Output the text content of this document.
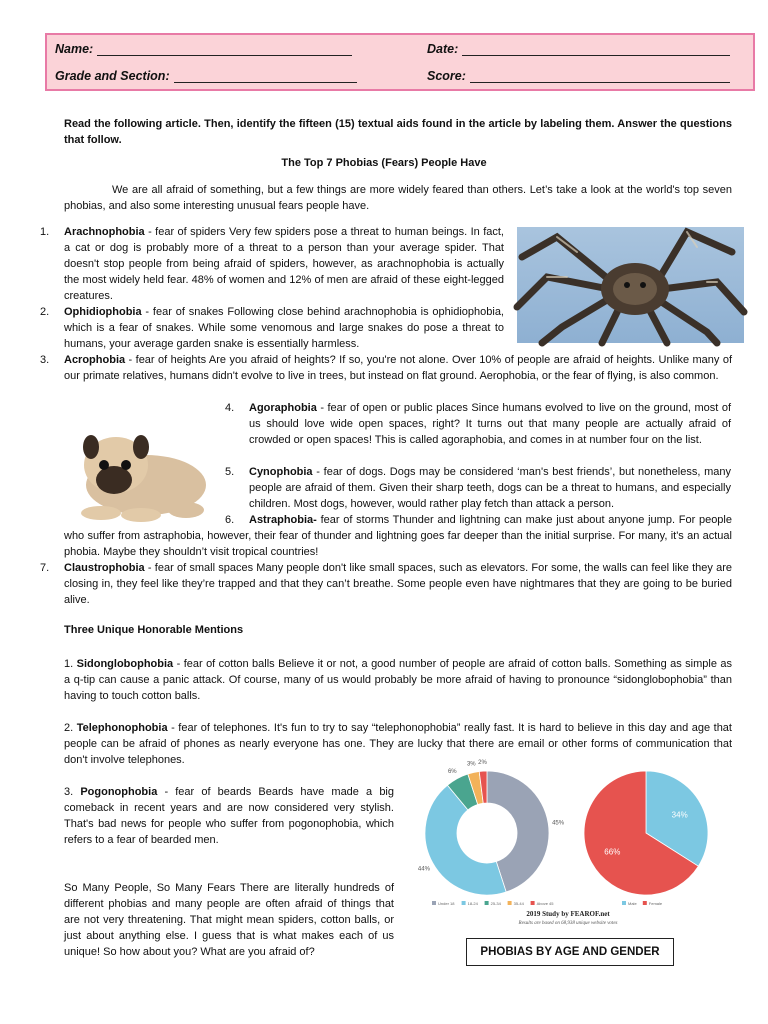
Name:	Date:
Grade and Section:	Score:
Read the following article. Then, identify the fifteen (15) textual aids found in the article by labeling them. Answer the questions that follow.
The Top 7 Phobias (Fears) People Have
We are all afraid of something, but a few things are more widely feared than others. Let’s take a look at the world's top seven phobias, and also some interesting unusual fears people have.
1. Arachnophobia - fear of spiders Very few spiders pose a threat to human beings. In fact, a cat or dog is probably more of a threat to a person than your average spider. That doesn't stop people from being afraid of spiders, however, as arachnophobia is actually the most widely held fear. 48% of women and 12% of men are afraid of these eight-legged creatures.
2. Ophidiophobia - fear of snakes Following close behind arachnophobia is ophidiophobia, which is a fear of snakes. While some venomous and large snakes do pose a threat to humans, your average garden snake is essentially harmless.
3. Acrophobia - fear of heights Are you afraid of heights? If so, you're not alone. Over 10% of people are afraid of heights. Unlike many of our primate relatives, humans didn't evolve to live in trees, but instead on flat ground. Aerophobia, or the fear of flying, is also common.
4. Agoraphobia - fear of open or public places Since humans evolved to live on the ground, most of us should love wide open spaces, right? It turns out that many people are actually afraid of crowded or open spaces! This is called agoraphobia, and comes in at number four on the list.
5. Cynophobia - fear of dogs. Dogs may be considered ‘man's best friends’, but nonetheless, many people are afraid of them. Given their sharp teeth, dogs can be a threat to humans, and especially children. Most dogs, however, would rather play fetch than attack a person.
6.	Astraphobia- fear of storms Thunder and lightning can make just about anyone jump. For people who suffer from astraphobia, however, their fear of thunder and lightning goes far deeper than the initial surprise. For many, it's an actual phobia. Maybe they shouldn’t visit tropical countries!
7. Claustrophobia - fear of small spaces Many people don't like small spaces, such as elevators. For some, the walls can feel like they are closing in, they feel like they’re trapped and that they can’t breathe. Some people even have nightmares that they are going to be buried alive.
Three Unique Honorable Mentions
1. Sidonglobophobia - fear of cotton balls Believe it or not, a good number of people are afraid of cotton balls. Something as simple as a q-tip can cause a panic attack. Of course, many of us would probably be more afraid of having to pronounce “sidonglobophobia” than having to touch cotton balls.
2. Telephonophobia - fear of telephones. It's fun to try to say “telephonophobia” really fast. It is hard to believe in this day and age that people can be afraid of phones as nearly everyone has one. They are lucky that there are email or other forms of communication that don't involve telephones.
3. Pogonophobia - fear of beards Beards have made a big comeback in recent years and are now considered very stylish. That's bad news for people who suffer from pogonophobia, which refers to a fear of bearded men.
So Many People, So Many Fears There are literally hundreds of different phobias and many people are often afraid of things that are not very threatening. That might mean spiders, cotton balls, or just about anything else. I guess that is what makes each of us unique! So how about you? What are you afraid of?
45%
44%
6%
3% 2%
34%
66%
Under 18	18-24	25-34	35-44	Above 45	Male	Female
2019 Study by FEAROF.net
Results are based on 68,938 unique website votes
PHOBIAS BY AGE AND GENDER
